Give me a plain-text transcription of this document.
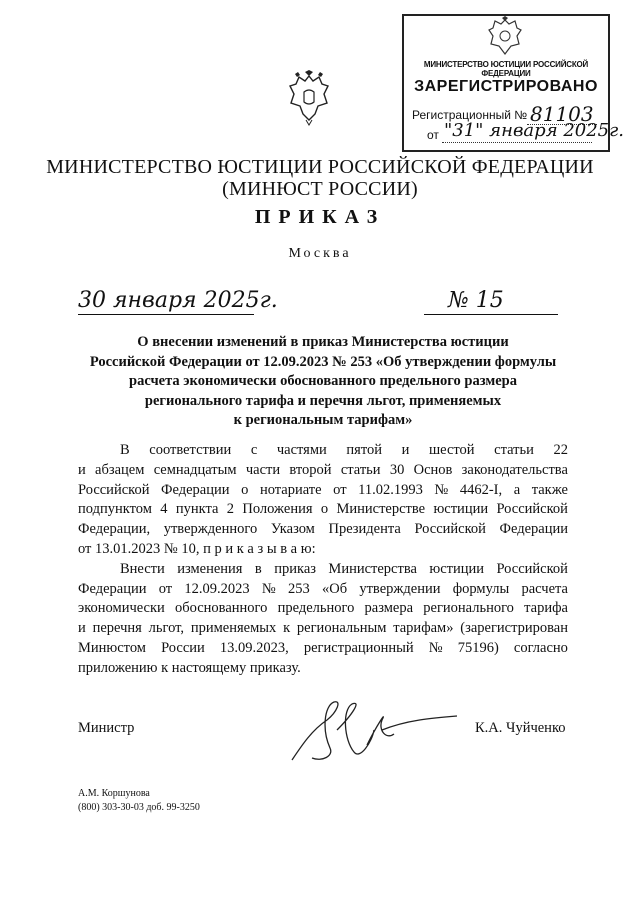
МИНИСТЕРСТВО ЮСТИЦИИ РОССИЙСКОЙ ФЕДЕРАЦИИ
ЗАРЕГИСТРИРОВАНО
Регистрационный № 81103
от "31" января 2025г.
МИНИСТЕРСТВО ЮСТИЦИИ РОССИЙСКОЙ ФЕДЕРАЦИИ
(МИНЮСТ РОССИИ)
ПРИКАЗ
Москва
30 января 2025г.	№ 15
О внесении изменений в приказ Министерства юстиции
Российской Федерации от 12.09.2023 № 253 «Об утверждении формулы
расчета экономически обоснованного предельного размера
регионального тарифа и перечня льгот, применяемых
к региональным тарифам»
В соответствии с частями пятой и шестой статьи 22
и абзацем семнадцатым части второй статьи 30 Основ законодательства
Российской Федерации о нотариате от 11.02.1993 № 4462-I, а также
подпунктом 4 пункта 2 Положения о Министерстве юстиции Российской
Федерации, утвержденного Указом Президента Российской Федерации
от 13.01.2023 № 10, п р и к а з ы в а ю:
Внести изменения в приказ Министерства юстиции Российской
Федерации от 12.09.2023 № 253 «Об утверждении формулы расчета
экономически обоснованного предельного размера регионального тарифа
и перечня льгот, применяемых к региональным тарифам» (зарегистрирован
Минюстом России 13.09.2023, регистрационный № 75196) согласно
приложению к настоящему приказу.
Министр	К.А. Чуйченко
А.М. Коршунова
(800) 303-30-03 доб. 99-3250
